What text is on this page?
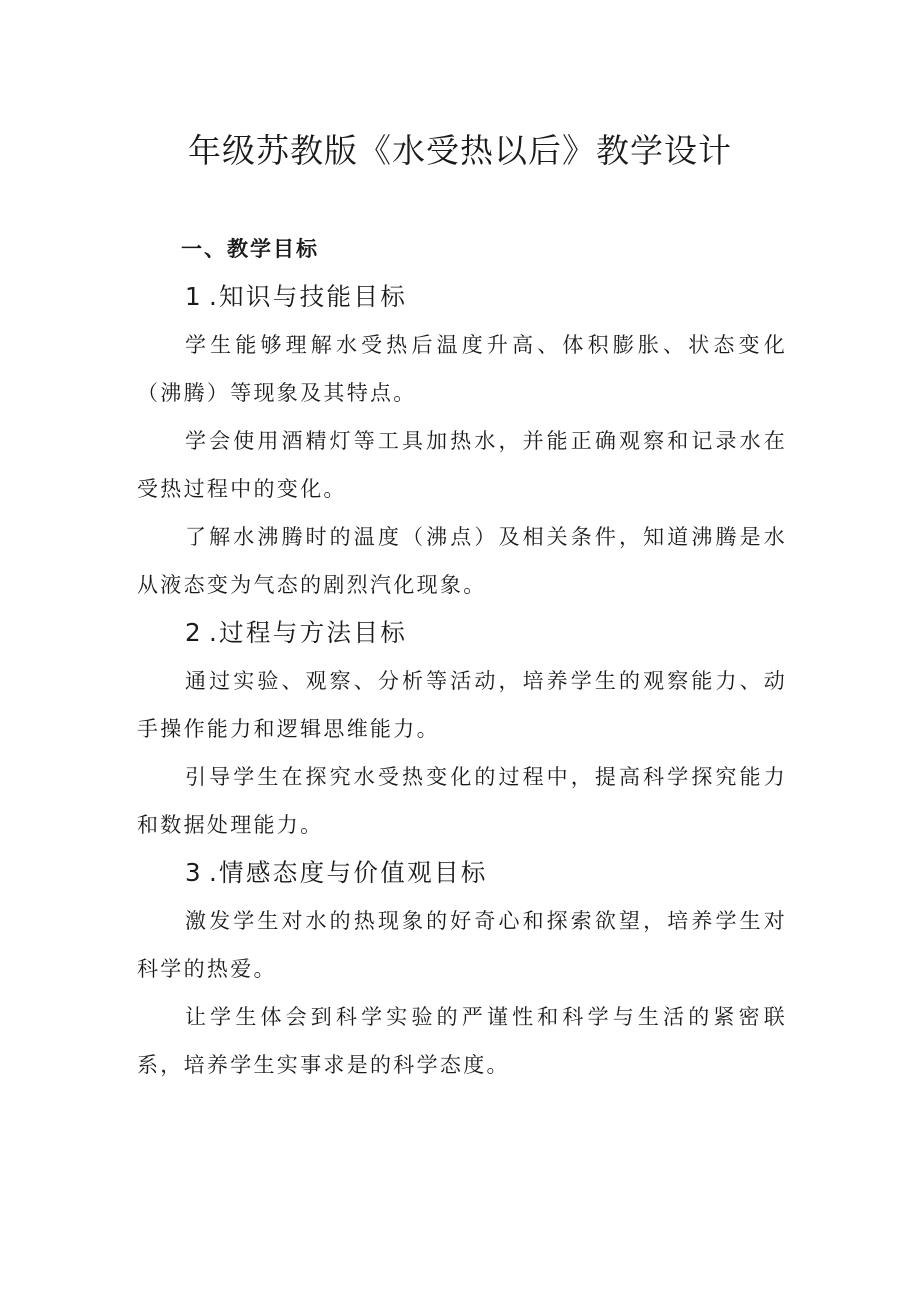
年级苏教版《水受热以后》教学设计
一、教学目标
1 .知识与技能目标

学生能够理解水受热后温度升高、体积膨胀、状态变化（沸腾）等现象及其特点。

学会使用酒精灯等工具加热水，并能正确观察和记录水在受热过程中的变化。

了解水沸腾时的温度（沸点）及相关条件，知道沸腾是水从液态变为气态的剧烈汽化现象。

2 .过程与方法目标

通过实验、观察、分析等活动，培养学生的观察能力、动手操作能力和逻辑思维能力。

引导学生在探究水受热变化的过程中，提高科学探究能力和数据处理能力。

3 .情感态度与价值观目标

激发学生对水的热现象的好奇心和探索欲望，培养学生对科学的热爱。

让学生体会到科学实验的严谨性和科学与生活的紧密联系，培养学生实事求是的科学态度。
